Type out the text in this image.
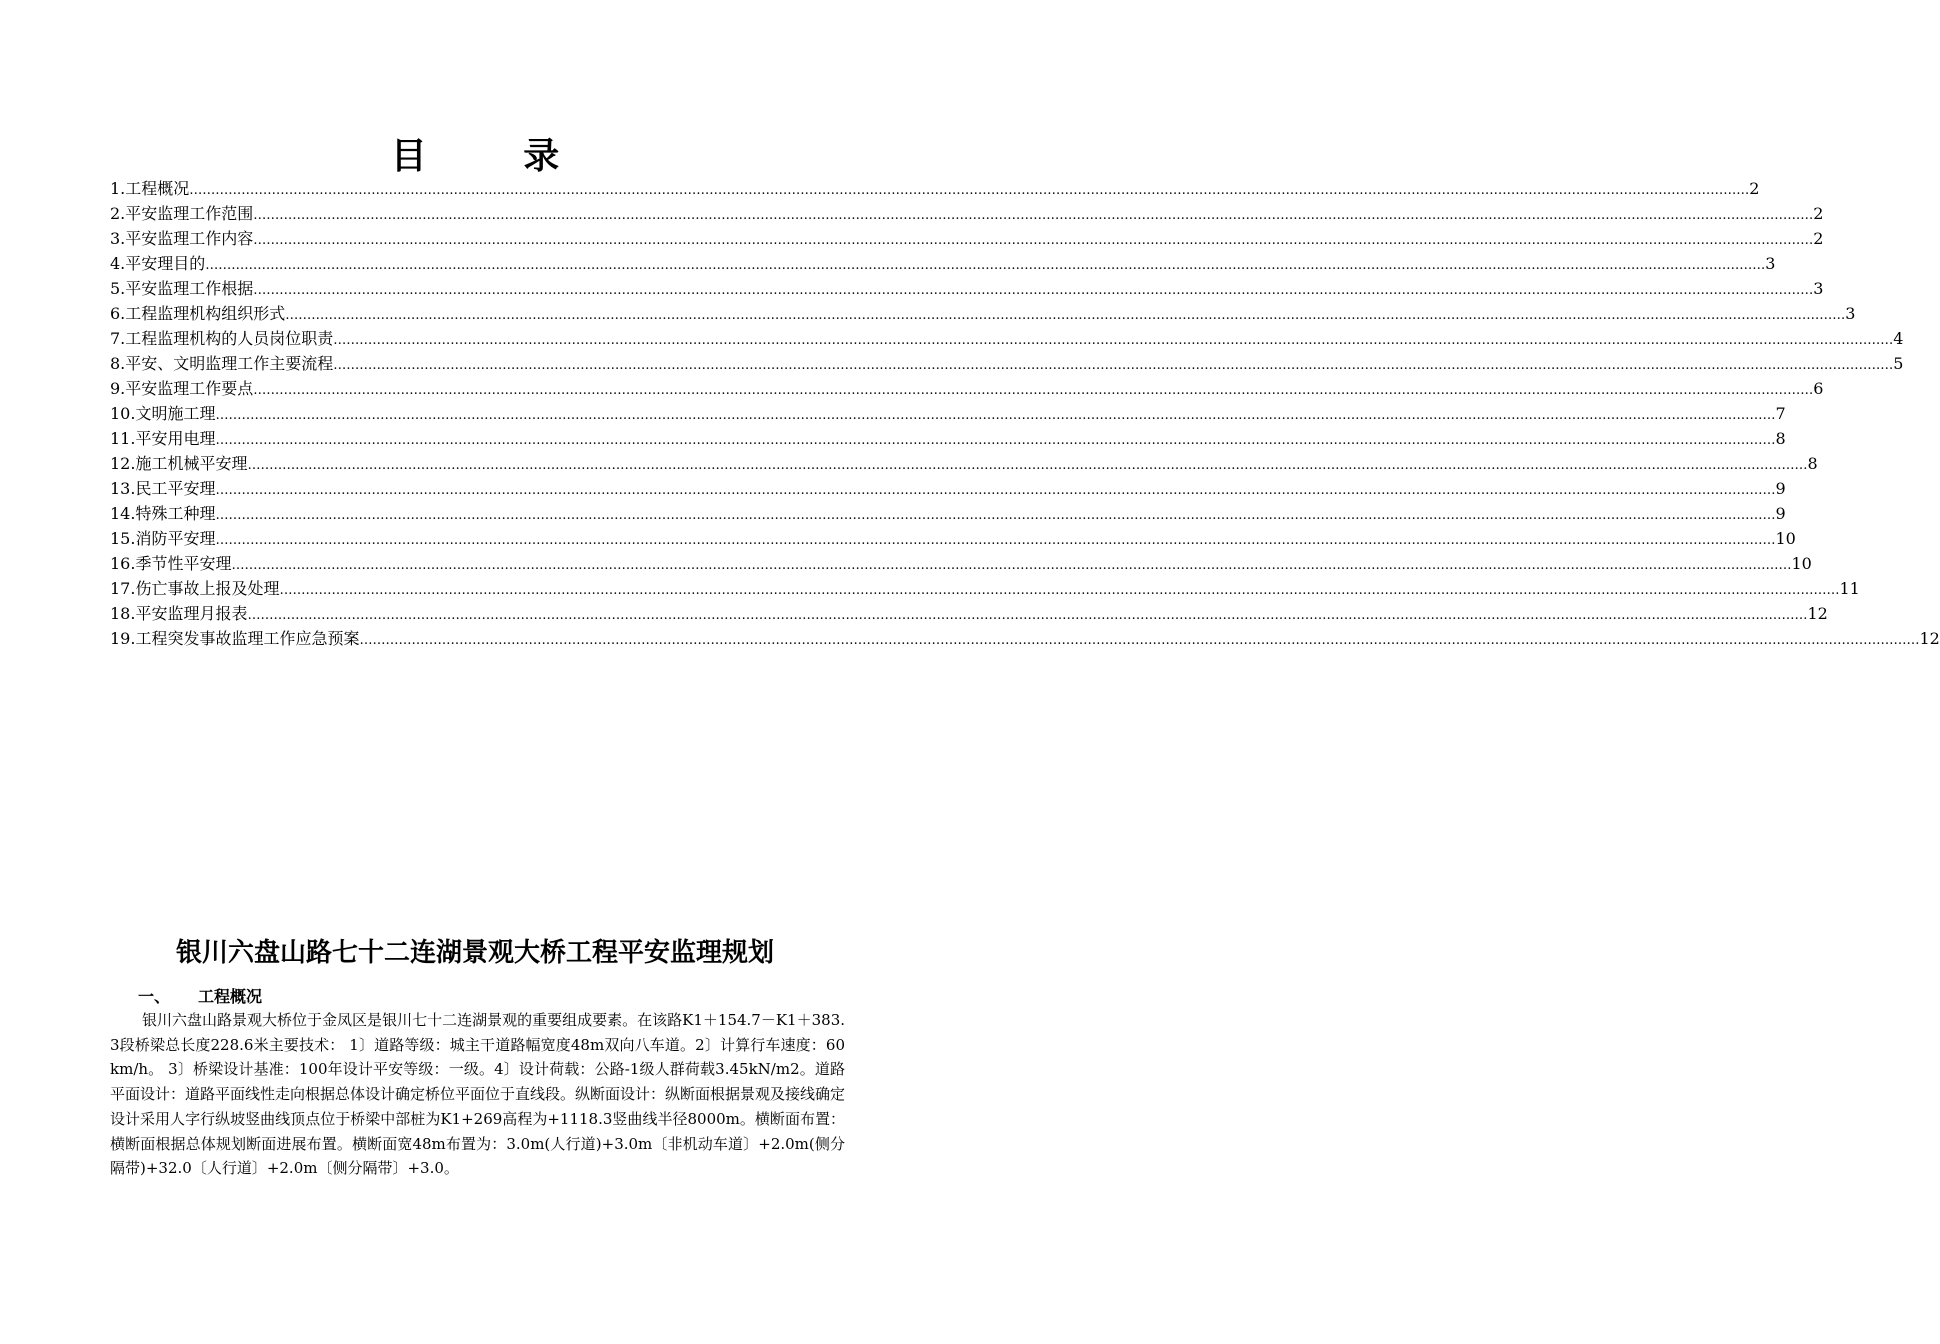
目 录
1.工程概况 ……………………………………………………………………………………………………………………………………………………………………………………………………………………………………………………………………………………………………………………………… 2
2.平安监理工作范围 ……………………………………………………………………………………………………………………………………………………………………………………………………………………………………………………………………………………………………………………………… 2
3.平安监理工作内容 ……………………………………………………………………………………………………………………………………………………………………………………………………………………………………………………………………………………………………………………………… 2
4.平安理目的 ……………………………………………………………………………………………………………………………………………………………………………………………………………………………………………………………………………………………………………………………… 3
5.平安监理工作根据 ……………………………………………………………………………………………………………………………………………………………………………………………………………………………………………………………………………………………………………………………… 3
6.工程监理机构组织形式 ……………………………………………………………………………………………………………………………………………………………………………………………………………………………………………………………………………………………………………………………… 3
7.工程监理机构的人员岗位职责 ……………………………………………………………………………………………………………………………………………………………………………………………………………………………………………………………………………………………………………………………… 4
8.平安、文明监理工作主要流程 ……………………………………………………………………………………………………………………………………………………………………………………………………………………………………………………………………………………………………………………………… 5
9.平安监理工作要点 ……………………………………………………………………………………………………………………………………………………………………………………………………………………………………………………………………………………………………………………………… 6
10.文明施工理 ……………………………………………………………………………………………………………………………………………………………………………………………………………………………………………………………………………………………………………………………… 7
11.平安用电理 ……………………………………………………………………………………………………………………………………………………………………………………………………………………………………………………………………………………………………………………………… 8
12.施工机械平安理 ……………………………………………………………………………………………………………………………………………………………………………………………………………………………………………………………………………………………………………………………… 8
13.民工平安理 ……………………………………………………………………………………………………………………………………………………………………………………………………………………………………………………………………………………………………………………………… 9
14.特殊工种理 ……………………………………………………………………………………………………………………………………………………………………………………………………………………………………………………………………………………………………………………………… 9
15.消防平安理 ……………………………………………………………………………………………………………………………………………………………………………………………………………………………………………………………………………………………………………………………… 10
16.季节性平安理 ……………………………………………………………………………………………………………………………………………………………………………………………………………………………………………………………………………………………………………………………… 10
17.伤亡事故上报及处理 ……………………………………………………………………………………………………………………………………………………………………………………………………………………………………………………………………………………………………………………………… 11
18.平安监理月报表 ……………………………………………………………………………………………………………………………………………………………………………………………………………………………………………………………………………………………………………………………… 12
19.工程突发事故监理工作应急预案 ……………………………………………………………………………………………………………………………………………………………………………………………………………………………………………………………………………………………………………………………… 12
银川六盘山路七十二连湖景观大桥工程平安监理规划
一、 工程概况
银川六盘山路景观大桥位于金凤区是银川七十二连湖景观的重要组成要素。在该路K1＋154.7－K1＋383.3段桥梁总长度228.6米主要技术： 1〕道路等级：城主干道路幅宽度48m双向八车道。2〕计算行车速度：60km/h。 3〕桥梁设计基准：100年设计平安等级：一级。4〕设计荷载：公路-1级人群荷载3.45kN/m2。道路平面设计：道路平面线性走向根据总体设计确定桥位平面位于直线段。纵断面设计：纵断面根据景观及接线确定设计采用人字行纵坡竖曲线顶点位于桥梁中部桩为K1+269高程为+1118.3竖曲线半径8000m。横断面布置：横断面根据总体规划断面进展布置。横断面宽48m布置为：3.0m(人行道)+3.0m〔非机动车道〕+2.0m(侧分隔带)+32.0〔人行道〕+2.0m〔侧分隔带〕+3.0。
